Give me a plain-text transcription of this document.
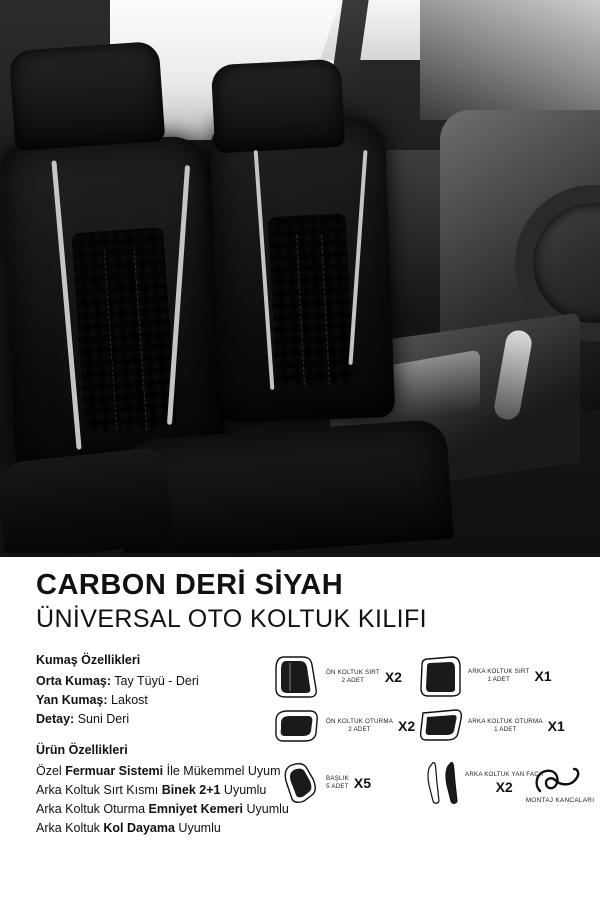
CARBON DERİ SİYAH
ÜNİVERSAL OTO KOLTUK KILIFI
Kumaş Özellikleri
Orta Kumaş: Tay Tüyü - Deri
Yan Kumaş: Lakost
Detay: Suni Deri
Ürün Özellikleri
Özel Fermuar Sistemi İle Mükemmel Uyum
Arka Koltuk Sırt Kısmı Binek 2+1 Uyumlu
Arka Koltuk Oturma Emniyet Kemeri Uyumlu
Arka Koltuk Kol Dayama Uyumlu
ÖN KOLTUK SIRT
2 ADET	X2
ÖN KOLTUK OTURMA
2 ADET	X2
BAŞLIK
5 ADET X5
ARKA KOLTUK SIRT
1 ADET	X1
ARKA KOLTUK OTURMA
1 ADET	X1
ARKA KOLTUK YAN FAÇA
X2
MONTAJ KANCALARI
